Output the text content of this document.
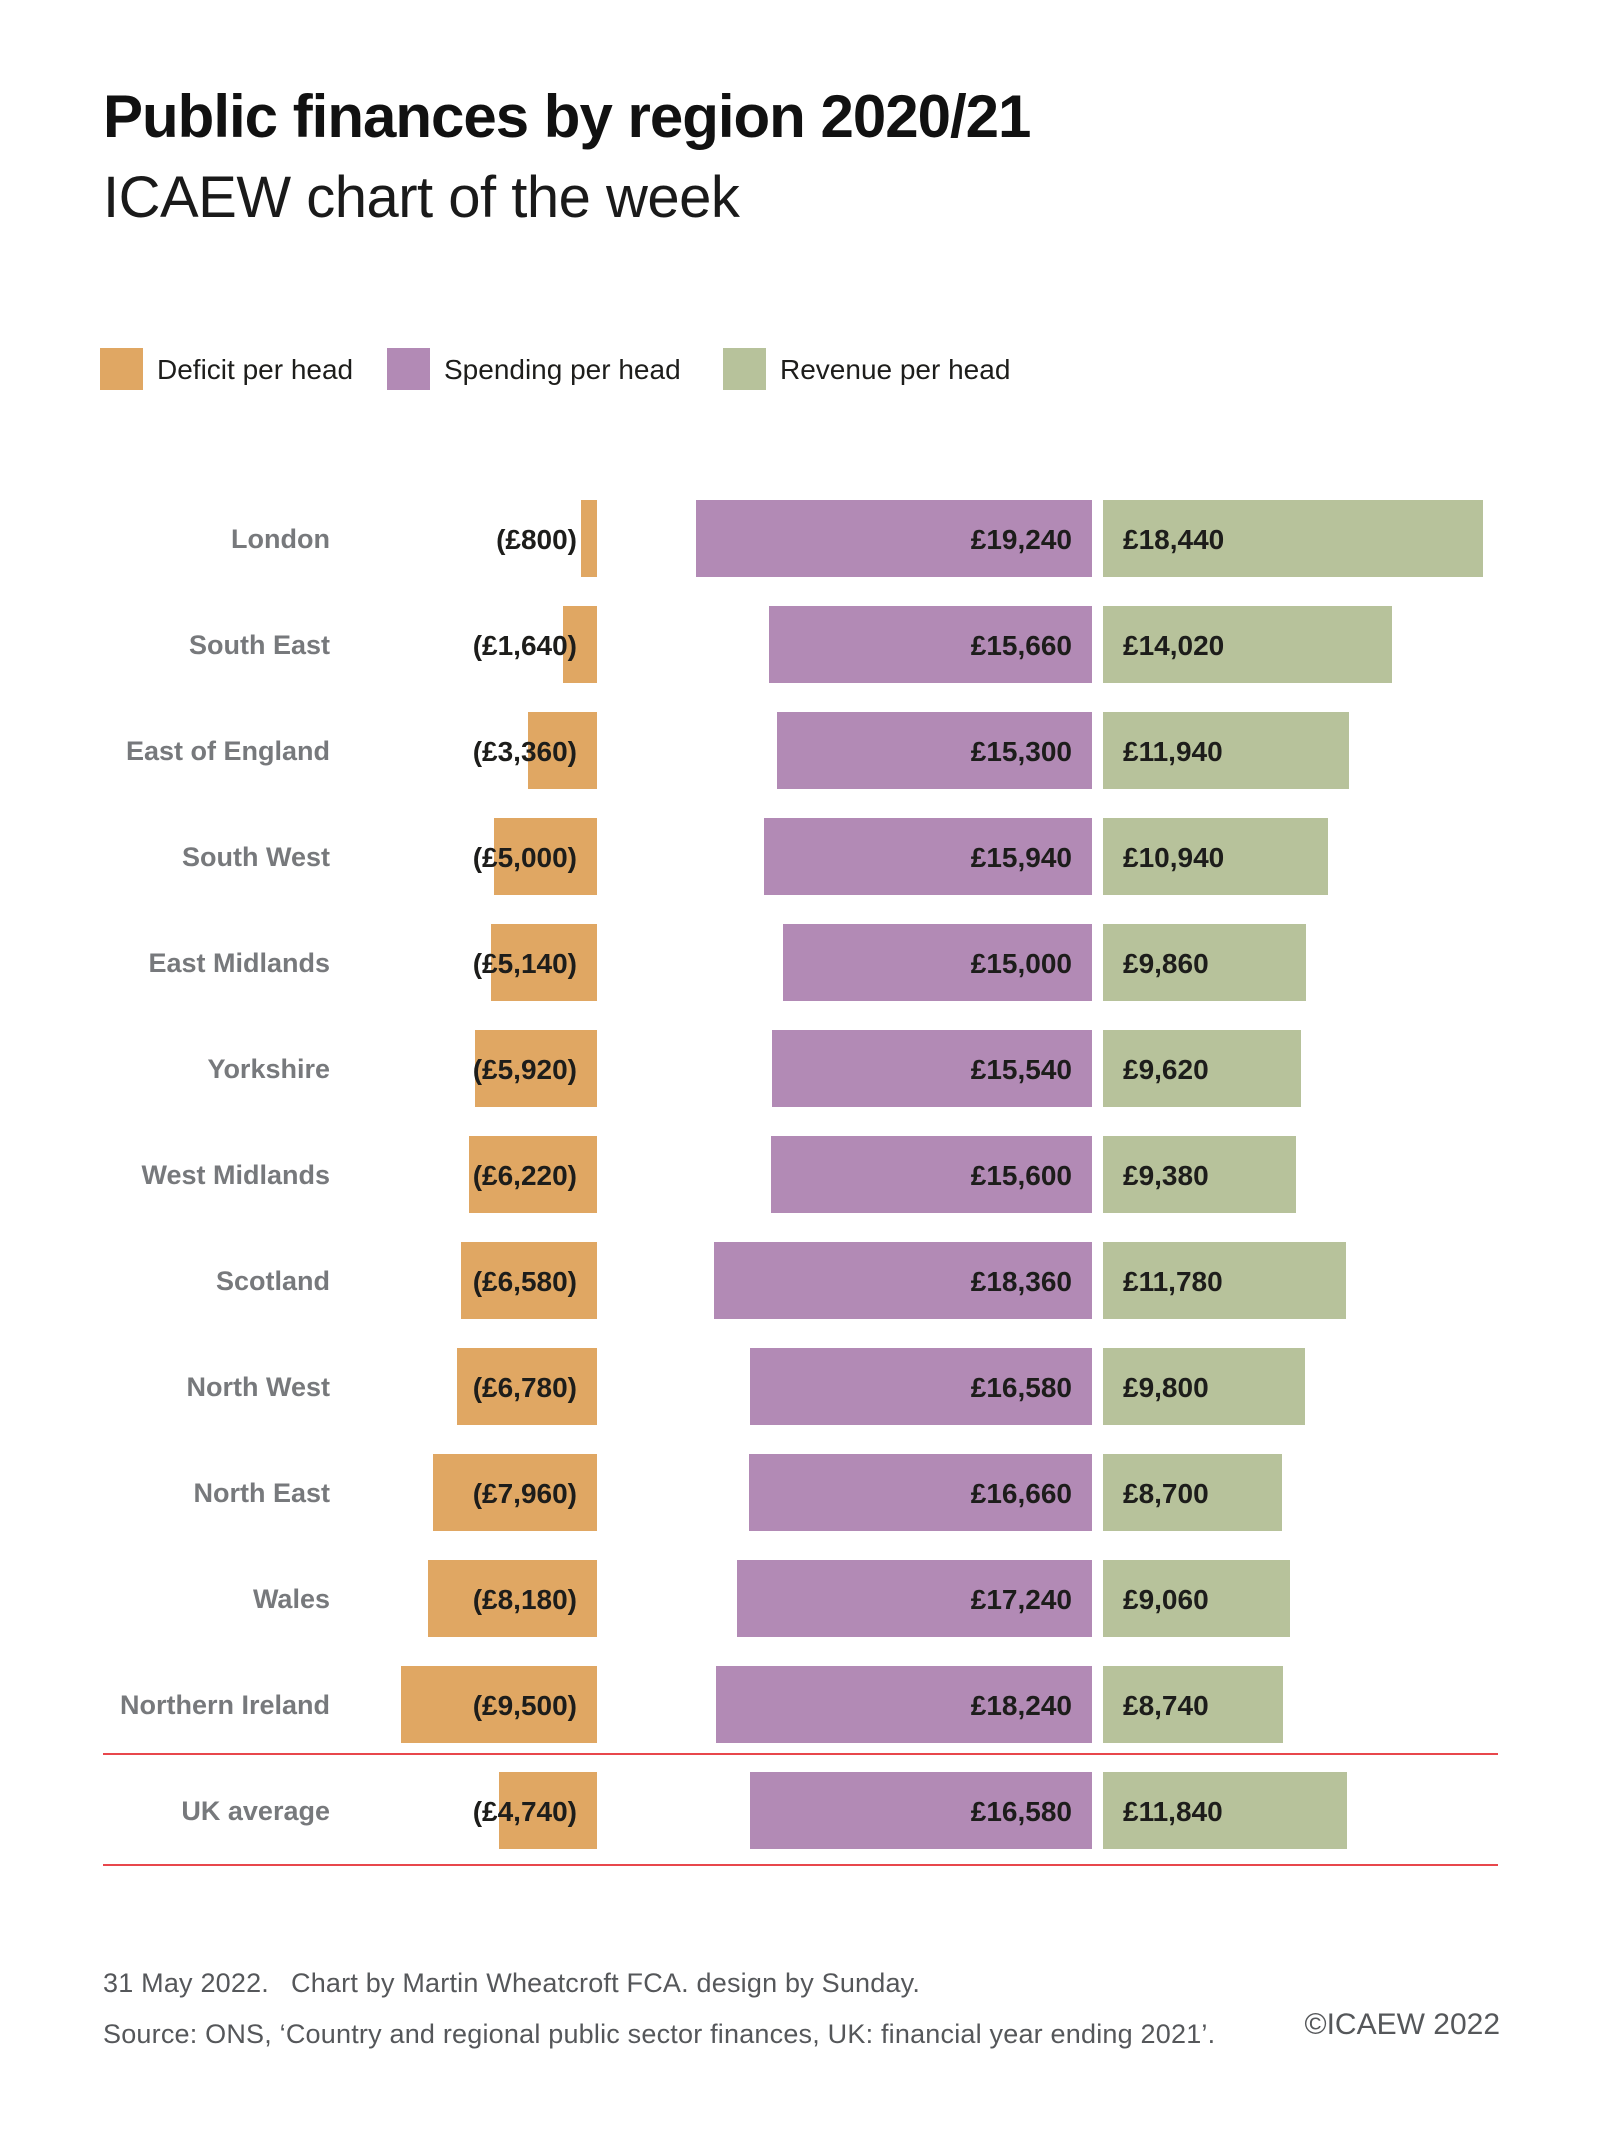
Public finances by region 2020/21
ICAEW chart of the week
Deficit per head	Spending per head	Revenue per head
London	(£800)	£19,240 £18,440
South East	(£1,640)	£15,660 £14,020
East of England	(£3,360)	£15,300 £11,940
South West	(£5,000)	£15,940 £10,940
East Midlands	(£5,140)	£15,000 £9,860
Yorkshire	(£5,920)	£15,540 £9,620
West Midlands	(£6,220)	£15,600 £9,380
Scotland	(£6,580)	£18,360 £11,780
North West	(£6,780)	£16,580 £9,800
North East	(£7,960)	£16,660 £8,700
Wales	(£8,180)	£17,240 £9,060
Northern Ireland	(£9,500)	£18,240 £8,740
UK average	(£4,740)	£16,580 £11,840
31 May 2022. Chart by Martin Wheatcroft FCA. design by Sunday.
Source: ONS, ‘Country and regional public sector finances, UK: financial year ending 2021’.	©ICAEW 2022
